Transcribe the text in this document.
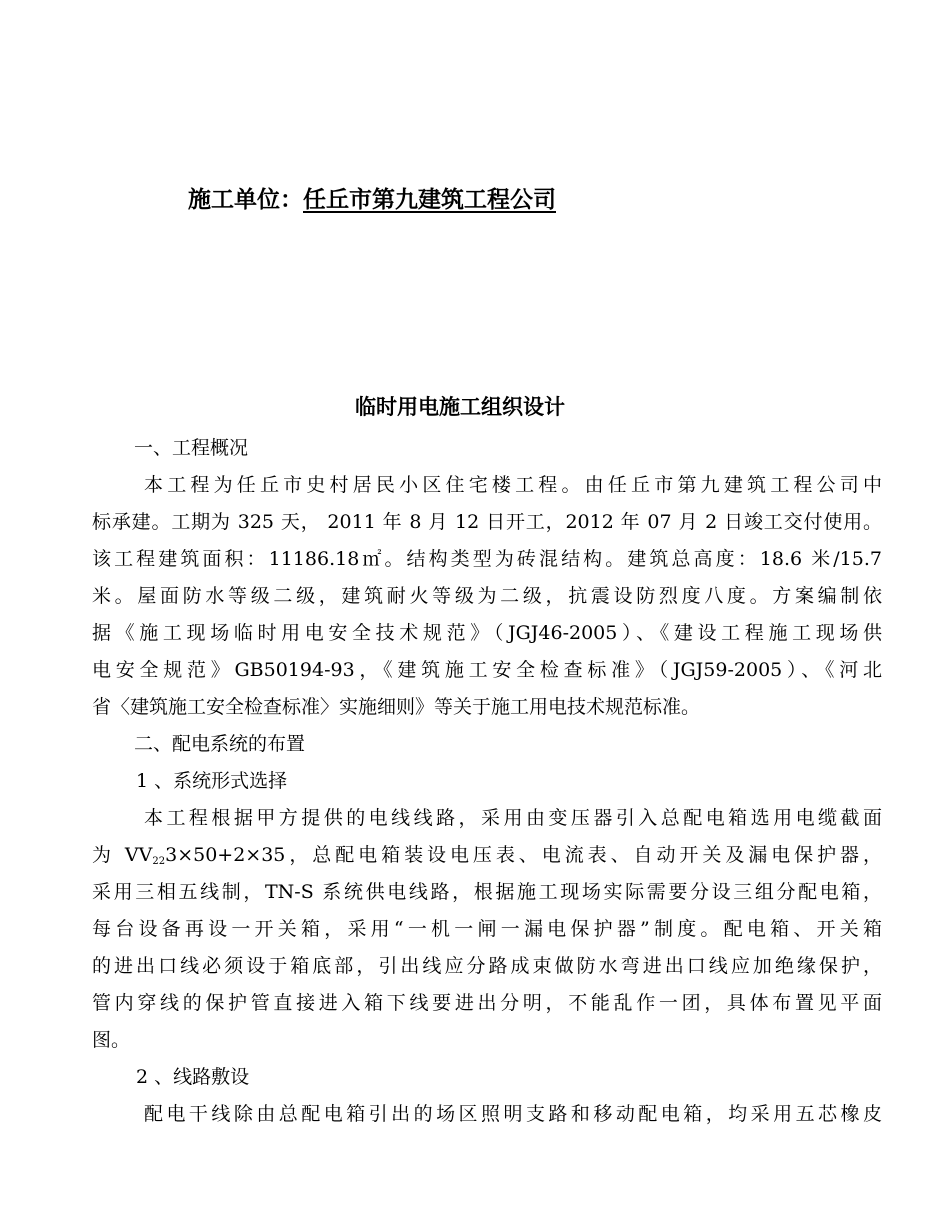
施工单位：任丘市第九建筑工程公司
临时用电施工组织设计
一、工程概况
本工程为任丘市史村居民小区住宅楼工程。由任丘市第九建筑工程公司中
标承建。工期为 325 天， 2011 年 8 月 12 日开工，2012 年 07 月 2 日竣工交付使用。
该工程建筑面积：11186.18㎡。结构类型为砖混结构。建筑总高度：18.6 米/15.7
米。屋面防水等级二级，建筑耐火等级为二级，抗震设防烈度八度。方案编制依
据《施工现场临时用电安全技术规范》（JGJ46-2005）、《建设工程施工现场供
电安全规范》GB50194-93，《建筑施工安全检查标准》（JGJ59-2005）、《河北
省〈建筑施工安全检查标准〉实施细则》等关于施工用电技术规范标准。
二、配电系统的布置
1 、系统形式选择
本工程根据甲方提供的电线线路，采用由变压器引入总配电箱选用电缆截面
为 $VV_{22}3\times 50+2\times 35$，总配电箱装设电压表、电流表、自动开关及漏电保护器，
采用三相五线制，TN-S 系统供电线路，根据施工现场实际需要分设三组分配电箱，
每台设备再设一开关箱，采用“一机一闸一漏电保护器”制度。配电箱、开关箱
的进出口线必须设于箱底部，引出线应分路成束做防水弯进出口线应加绝缘保护，
管内穿线的保护管直接进入箱下线要进出分明，不能乱作一团，具体布置见平面
图。
2 、线路敷设
配电干线除由总配电箱引出的场区照明支路和移动配电箱，均采用五芯橡皮
